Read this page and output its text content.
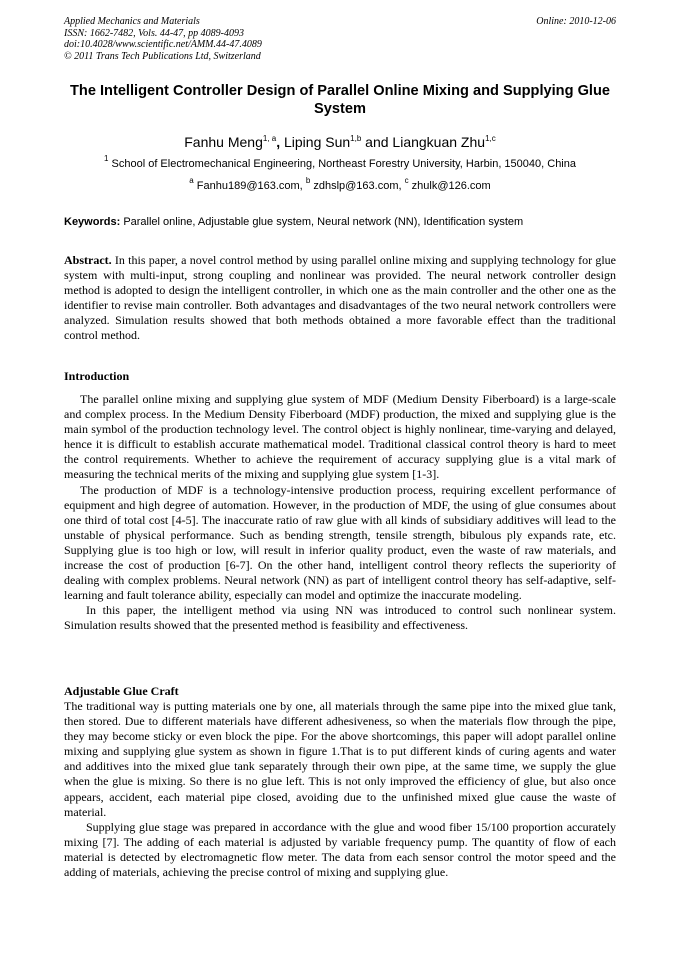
Applied Mechanics and Materials
ISSN: 1662-7482, Vols. 44-47, pp 4089-4093
doi:10.4028/www.scientific.net/AMM.44-47.4089
© 2011 Trans Tech Publications Ltd, Switzerland
Online: 2010-12-06
The Intelligent Controller Design of Parallel Online Mixing and Supplying Glue System
Fanhu Meng$^{1, a}$, Liping Sun$^{1,b}$ and Liangkuan Zhu$^{1,c}$
$^1$ School of Electromechanical Engineering, Northeast Forestry University, Harbin, 150040, China
$^a$ Fanhu189@163.com, $^b$ zdhslp@163.com, $^c$ zhulk@126.com
Keywords: Parallel online, Adjustable glue system, Neural network (NN), Identification system

Abstract. In this paper, a novel control method by using parallel online mixing and supplying technology for glue system with multi-input, strong coupling and nonlinear was provided. The neural network controller design method is adopted to design the intelligent controller, in which one as the main controller and the other one as the identifier to revise main controller. Both advantages and disadvantages of the two neural network controllers were analyzed. Simulation results showed that both methods obtained a more favorable effect than the traditional control method.

Introduction

The parallel online mixing and supplying glue system of MDF (Medium Density Fiberboard) is a large-scale and complex process. In the Medium Density Fiberboard (MDF) production, the mixed and supplying glue is the main symbol of the production technology level. The control object is highly nonlinear, time-varying and delayed, hence it is difficult to establish accurate mathematical model. Traditional classical control theory is hard to meet the control requirements. Whether to achieve the requirement of accuracy supplying glue is a vital mark of measuring the technical merits of the mixing and supplying glue system [1-3].

The production of MDF is a technology-intensive production process, requiring excellent performance of equipment and high degree of automation. However, in the production of MDF, the using of glue consumes about one third of total cost [4-5]. The inaccurate ratio of raw glue with all kinds of subsidiary additives will lead to the unstable of physical performance. Such as bending strength, tensile strength, bibulous ply expands rate, etc. Supplying glue is too high or low, will result in inferior quality product, even the waste of raw materials, and increase the cost of production [6-7]. On the other hand, intelligent control theory reflects the superiority of dealing with complex problems. Neural network (NN) as part of intelligent control theory has self-adaptive, self-learning and fault tolerance ability, especially can model and optimize the inaccurate modeling.

In this paper, the intelligent method via using NN was introduced to control such nonlinear system. Simulation results showed that the presented method is feasibility and effectiveness.

Adjustable Glue Craft

The traditional way is putting materials one by one, all materials through the same pipe into the mixed glue tank, then stored. Due to different materials have different adhesiveness, so when the materials flow through the pipe, they may become sticky or even block the pipe. For the above shortcomings, this paper will adopt parallel online mixing and supplying glue system as shown in figure 1.That is to put different kinds of curing agents and water and additives into the mixed glue tank separately through their own pipe, at the same time, we supply the glue when the glue is mixing. So there is no glue left. This is not only improved the efficiency of glue, but also once appears, accident, each material pipe closed, avoiding due to the unfinished mixed glue cause the waste of material.

Supplying glue stage was prepared in accordance with the glue and wood fiber 15/100 proportion accurately mixing [7]. The adding of each material is adjusted by variable frequency pump. The quantity of flow of each material is detected by electromagnetic flow meter. The data from each sensor control the motor speed and the adding of materials, achieving the precise control of mixing and supplying glue.
